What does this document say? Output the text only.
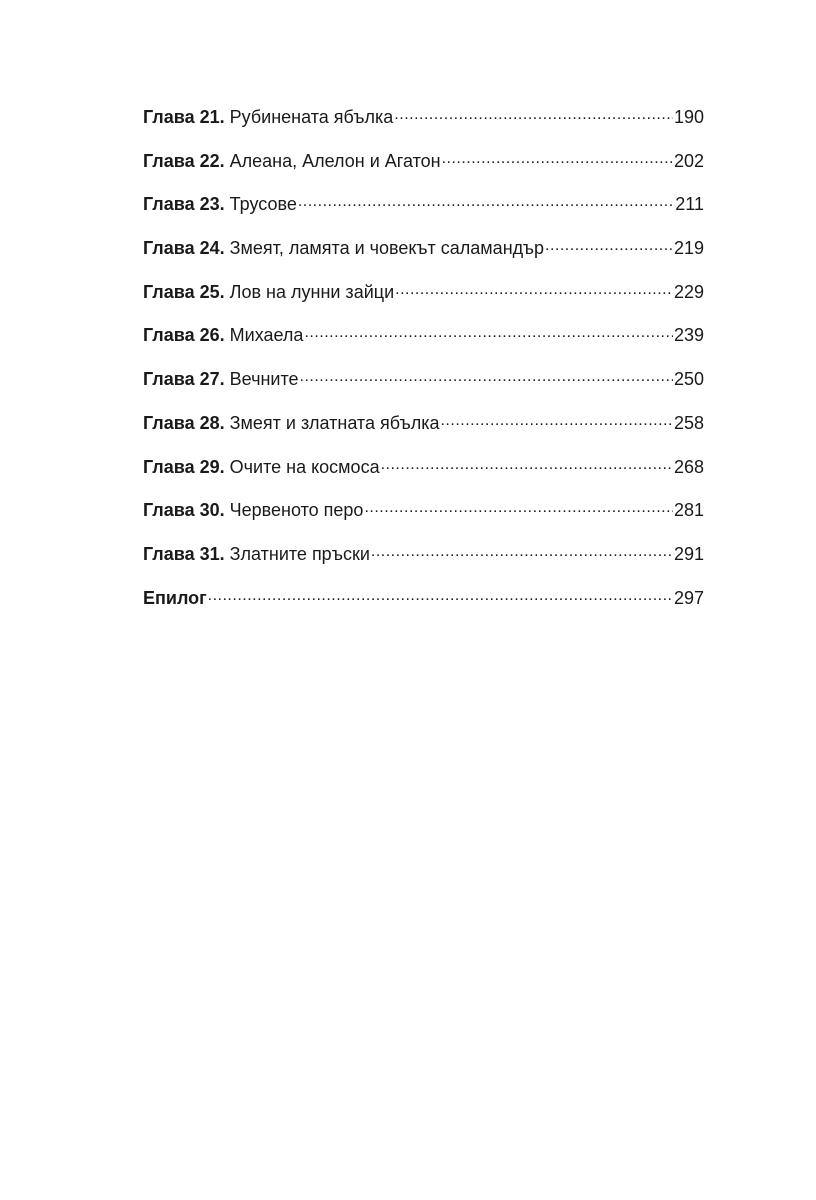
Глава 21. Рубинената ябълка .....	190
Глава 22. Алеана, Алелон и Агатон .....	202
Глава 23. Трусове .....	211
Глава 24. Змеят, ламята и човекът саламандър .....	219
Глава 25. Лов на лунни зайци .....	229
Глава 26. Михаела .....	239
Глава 27. Вечните .....	250
Глава 28. Змеят и златната ябълка .....	258
Глава 29. Очите на космоса .....	268
Глава 30. Червеното перо .....	281
Глава 31. Златните пръски .....	291
Епилог .....	297
